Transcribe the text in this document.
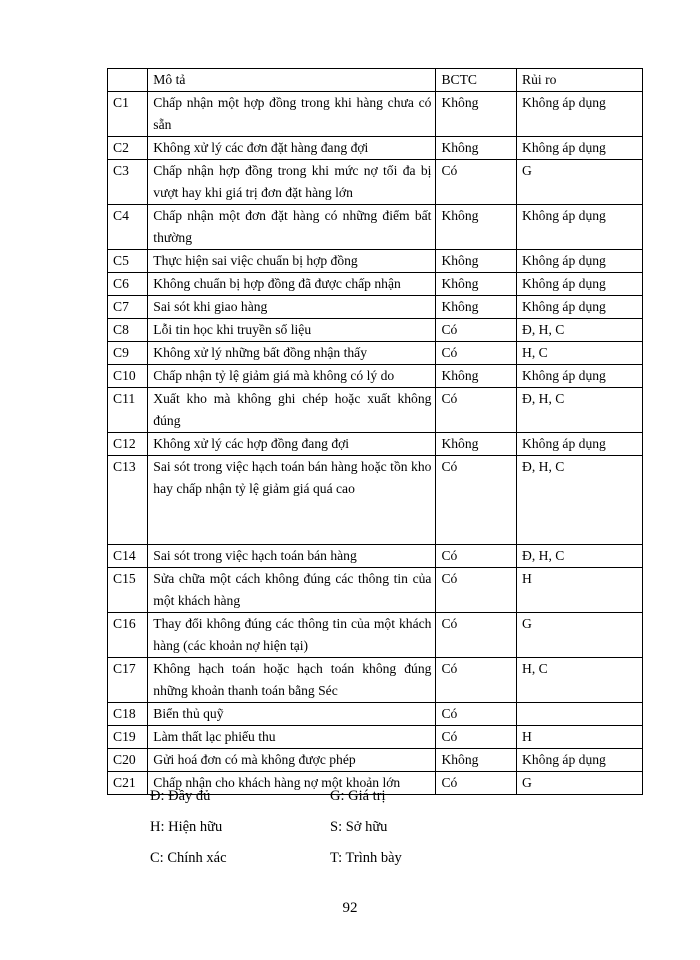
	Mô tả	BCTC	Rủi ro
C1	Chấp nhận một hợp đồng trong khi hàng chưa có sẵn	Không	Không áp dụng
C2	Không xử lý các đơn đặt hàng đang đợi	Không	Không áp dụng
C3	Chấp nhận hợp đồng trong khi mức nợ tối đa bị vượt hay khi giá trị đơn đặt hàng lớn	Có	G
C4	Chấp nhận một đơn đặt hàng có những điểm bất thường	Không	Không áp dụng
C5	Thực hiện sai việc chuẩn bị hợp đồng	Không	Không áp dụng
C6	Không chuẩn bị hợp đồng đã được chấp nhận	Không	Không áp dụng
C7	Sai sót khi giao hàng	Không	Không áp dụng
C8	Lỗi tin học khi truyền số liệu	Có	Đ, H, C
C9	Không xử lý những bất đồng nhận thấy	Có	H, C
C10	Chấp nhận tỷ lệ giảm giá mà không có lý do	Không	Không áp dụng
C11	Xuất kho mà không ghi chép hoặc xuất không đúng	Có	Đ, H, C
C12	Không xử lý các hợp đồng đang đợi	Không	Không áp dụng
C13	Sai sót trong việc hạch toán bán hàng hoặc tồn kho hay chấp nhận tỷ lệ giảm giá quá cao	Có	Đ, H, C
C14	Sai sót trong việc hạch toán bán hàng	Có	Đ, H, C
C15	Sửa chữa một cách không đúng các thông tin của một khách hàng	Có	H
C16	Thay đổi không đúng các thông tin của một khách hàng (các khoản nợ hiện tại)	Có	G
C17	Không hạch toán hoặc hạch toán không đúng những khoản thanh toán bằng Séc	Có	H, C
C18	Biển thủ quỹ	Có	
C19	Làm thất lạc phiếu thu	Có	H
C20	Gửi hoá đơn có mà không được phép	Không	Không áp dụng
C21	Chấp nhận cho khách hàng nợ một khoản lớn	Có	G
Đ: Đầy đủ	G: Giá trị
H: Hiện hữu	S: Sở hữu
C: Chính xác	T: Trình bày
92
